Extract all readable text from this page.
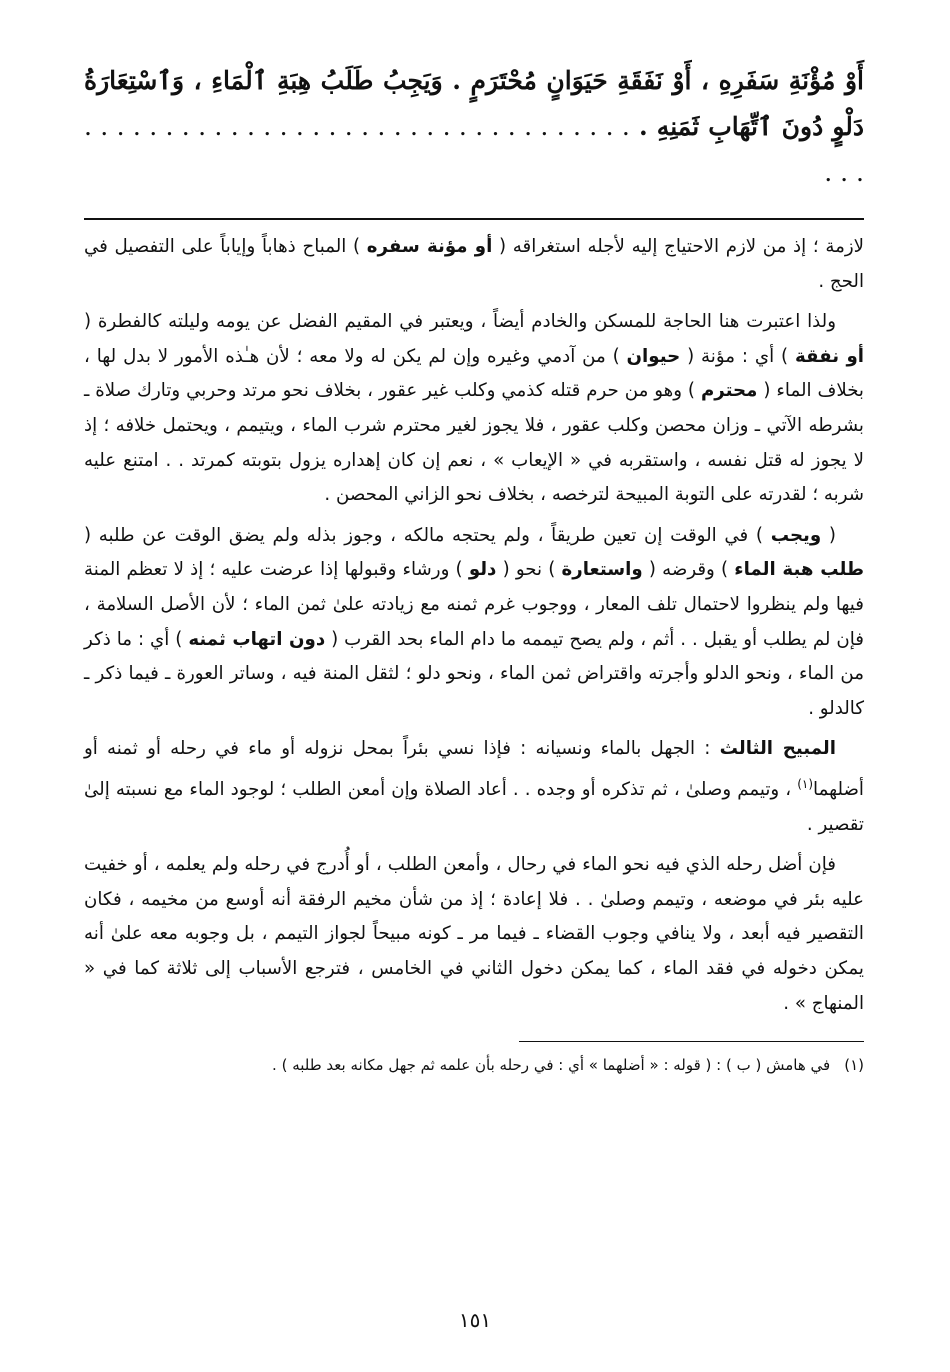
أَوْ مُؤْنَةِ سَفَرِهِ ، أَوْ نَفَقَةِ حَيَوَانٍ مُحْتَرَمٍ . وَيَجِبُ طَلَبُ هِبَةِ ٱلْمَاءِ ، وَٱسْتِعَارَةُ دَلْوٍ دُونَ ٱتِّهَابِ ثَمَنِهِ . . . . . . . . . . . . . . . . . . . . . . . . . . . . . . . . . . . . . .

لازمة ؛ إذ من لازم الاحتياج إليه لأجله استغراقه ( أو مؤنة سفره ) المباح ذهاباً وإياباً على التفصيل في الحج .

ولذا اعتبرت هنا الحاجة للمسكن والخادم أيضاً ، ويعتبر في المقيم الفضل عن يومه وليلته كالفطرة ( أو نفقة ) أي : مؤنة ( حيوان ) من آدمي وغيره وإن لم يكن له ولا معه ؛ لأن هـٰذه الأمور لا بدل لها ، بخلاف الماء ( محترم ) وهو من حرم قتله كذمي وكلب غير عقور ، بخلاف نحو مرتد وحربي وتارك صلاة ـ بشرطه الآتي ـ وزان محصن وكلب عقور ، فلا يجوز لغير محترم شرب الماء ، ويتيمم ، ويحتمل خلافه ؛ إذ لا يجوز له قتل نفسه ، واستقربه في « الإيعاب » ، نعم إن كان إهداره يزول بتوبته كمرتد . . امتنع عليه شربه ؛ لقدرته على التوبة المبيحة لترخصه ، بخلاف نحو الزاني المحصن .

( ويجب ) في الوقت إن تعين طريقاً ، ولم يحتجه مالكه ، وجوز بذله ولم يضق الوقت عن طلبه ( طلب هبة الماء ) وقرضه ( واستعارة ) نحو ( دلو ) ورشاء وقبولها إذا عرضت عليه ؛ إذ لا تعظم المنة فيها ولم ينظروا لاحتمال تلف المعار ، ووجوب غرم ثمنه مع زيادته علىٰ ثمن الماء ؛ لأن الأصل السلامة ، فإن لم يطلب أو يقبل . . أثم ، ولم يصح تيممه ما دام الماء بحد القرب ( دون اتهاب ثمنه ) أي : ما ذكر من الماء ، ونحو الدلو وأجرته واقتراض ثمن الماء ، ونحو دلو ؛ لثقل المنة فيه ، وساتر العورة ـ فيما ذكر ـ كالدلو .

المبيح الثالث : الجهل بالماء ونسيانه : فإذا نسي بئراً بمحل نزوله أو ماء في رحله أو ثمنه أو أضلهما$^{(١)}$ ، وتيمم وصلىٰ ، ثم تذكره أو وجده . . أعاد الصلاة وإن أمعن الطلب ؛ لوجود الماء مع نسبته إلىٰ تقصير .

فإن أضل رحله الذي فيه نحو الماء في رحال ، وأمعن الطلب ، أو أُدرج في رحله ولم يعلمه ، أو خفيت عليه بئر في موضعه ، وتيمم وصلىٰ . . فلا إعادة ؛ إذ من شأن مخيم الرفقة أنه أوسع من مخيمه ، فكان التقصير فيه أبعد ، ولا ينافي وجوب القضاء ـ فيما مر ـ كونه مبيحاً لجواز التيمم ، بل وجوبه معه علىٰ أنه يمكن دخوله في فقد الماء ، كما يمكن دخول الثاني في الخامس ، فترجع الأسباب إلى ثلاثة كما في « المنهاج » .

(١)
في هامش ( ب ) : ( قوله : « أضلهما » أي : في رحله بأن علمه ثم جهل مكانه بعد طلبه ) .
١٥١
